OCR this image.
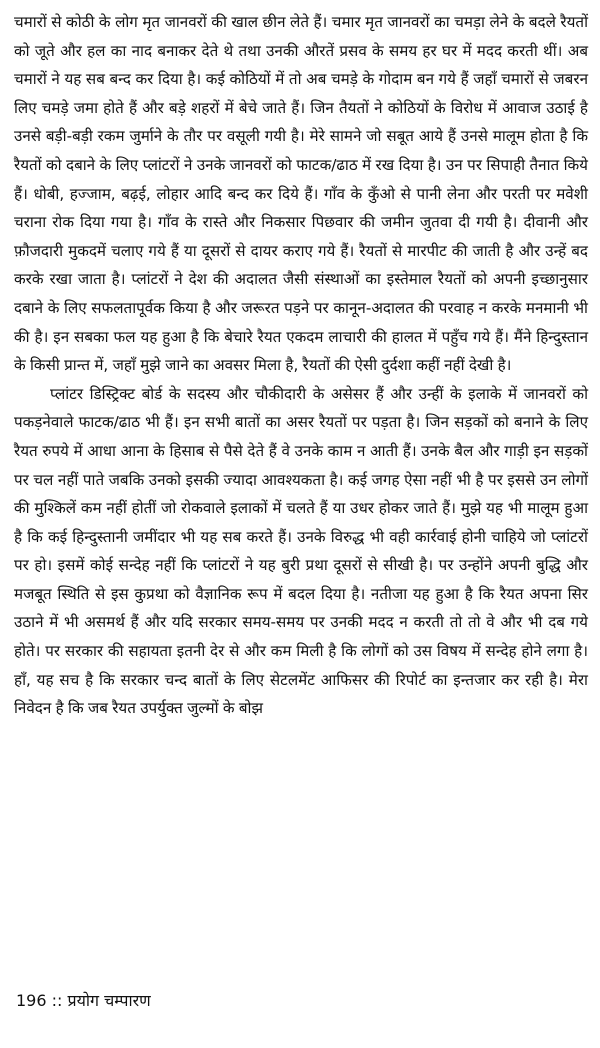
चमारों से कोठी के लोग मृत जानवरों की खाल छीन लेते हैं। चमार मृत जानवरों का चमड़ा लेने के बदले रैयतों को जूते और हल का नाद बनाकर देते थे तथा उनकी औरतें प्रसव के समय हर घर में मदद करती थीं। अब चमारों ने यह सब बन्द कर दिया है। कई कोठियों में तो अब चमड़े के गोदाम बन गये हैं जहाँ चमारों से जबरन लिए चमड़े जमा होते हैं और बड़े शहरों में बेचे जाते हैं। जिन तैयतों ने कोठियों के विरोध में आवाज उठाई है उनसे बड़ी-बड़ी रकम जुर्माने के तौर पर वसूली गयी है। मेरे सामने जो सबूत आये हैं उनसे मालूम होता है कि रैयतों को दबाने के लिए प्लांटरों ने उनके जानवरों को फाटक/ढाठ में रख दिया है। उन पर सिपाही तैनात किये हैं। धोबी, हज्जाम, बढ़ई, लोहार आदि बन्द कर दिये हैं। गाँव के कुँओ से पानी लेना और परती पर मवेशी चराना रोक दिया गया है। गाँव के रास्ते और निकसार पिछवार की जमीन जुतवा दी गयी है। दीवानी और फ़ौजदारी मुकदमें चलाए गये हैं या दूसरों से दायर कराए गये हैं। रैयतों से मारपीट की जाती है और उन्हें बद करके रखा जाता है। प्लांटरों ने देश की अदालत जैसी संस्थाओं का इस्तेमाल रैयतों को अपनी इच्छानुसार दबाने के लिए सफलतापूर्वक किया है और जरूरत पड़ने पर कानून-अदालत की परवाह न करके मनमानी भी की है। इन सबका फल यह हुआ है कि बेचारे रैयत एकदम लाचारी की हालत में पहुँच गये हैं। मैंने हिन्दुस्तान के किसी प्रान्त में, जहाँ मुझे जाने का अवसर मिला है, रैयतों की ऐसी दुर्दशा कहीं नहीं देखी है।

प्लांटर डिस्ट्रिक्ट बोर्ड के सदस्य और चौकीदारी के असेसर हैं और उन्हीं के इलाके में जानवरों को पकड़नेवाले फाटक/ढाठ भी हैं। इन सभी बातों का असर रैयतों पर पड़ता है। जिन सड़कों को बनाने के लिए रैयत रुपये में आधा आना के हिसाब से पैसे देते हैं वे उनके काम न आती हैं। उनके बैल और गाड़ी इन सड़कों पर चल नहीं पाते जबकि उनको इसकी ज्यादा आवश्यकता है। कई जगह ऐसा नहीं भी है पर इससे उन लोगों की मुश्किलें कम नहीं होतीं जो रोकवाले इलाकों में चलते हैं या उधर होकर जाते हैं। मुझे यह भी मालूम हुआ है कि कई हिन्दुस्तानी जमींदार भी यह सब करते हैं। उनके विरुद्ध भी वही कार्रवाई होनी चाहिये जो प्लांटरों पर हो। इसमें कोई सन्देह नहीं कि प्लांटरों ने यह बुरी प्रथा दूसरों से सीखी है। पर उन्होंने अपनी बुद्धि और मजबूत स्थिति से इस कुप्रथा को वैज्ञानिक रूप में बदल दिया है। नतीजा यह हुआ है कि रैयत अपना सिर उठाने में भी असमर्थ हैं और यदि सरकार समय-समय पर उनकी मदद न करती तो तो वे और भी दब गये होते। पर सरकार की सहायता इतनी देर से और कम मिली है कि लोगों को उस विषय में सन्देह होने लगा है। हाँ, यह सच है कि सरकार चन्द बातों के लिए सेटलमेंट आफिसर की रिपोर्ट का इन्तजार कर रही है। मेरा निवेदन है कि जब रैयत उपर्युक्त जुल्मों के बोझ

196 :: प्रयोग चम्पारण
